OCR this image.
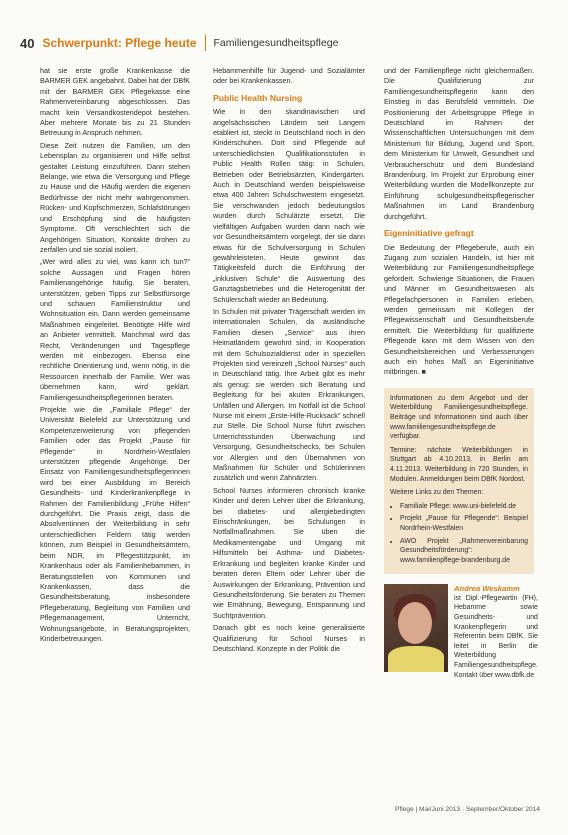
40 Schwerpunkt: Pflege heute Familiengesundheitspflege

hat sie erste große Krankenkasse die BARMER GEK angebahnt. Dabei hat der DBfK mit der BARMER GEK Pflegekasse eine Rahmenvereinbarung abgeschlossen. Das macht kein Versandkostendepot bestehen. Aber mehrere Monate bis zu 21 Stunden Betreuung in Anspruch nehmen.

Diese Zeit nutzen die Familien, um den Lebensplan zu organisieren und Hilfe selbst gestaltet Leistung einzuführen. Dann stehen Belange, wie etwa die Versorgung und Pflege zu Hause und die Häufig werden die eigenen Bedürfnisse der nicht mehr wahrgenommen. Rücken- und Kopfschmerzen, Schlafstörungen und Erschöpfung sind die häufigsten Symptome. Oft verschlechtert sich die Angehörigen Situation, Kontakte drohen zu zerfallen und sie sozial isoliert.

„Wer wird alles zu viel, was kann ich tun?“ solche Aussagen und Fragen hören Familienangehörige häufig. Sie beraten, unterstützen, geben Tipps zur Selbstfürsorge und schauen Familienstruktur und Wohnsituation ein. Dann werden gemeinsame Maßnahmen eingeleitet. Benötigte Hilfe wird an Anbieter vermittelt. Manchmal wird das Recht, Veränderungen und Tagespflege werden mit einbezogen. Ebenso eine rechtliche Orientierung und, wenn nötig, in die Ressourcen innerhalb der Familie. Wer was übernehmen kann, wird geklärt. Familiengesundheitspflegerinnen beraten.

Projekte wie die „Familiale Pflege“ der Universität Bielefeld zur Unterstützung und Kompetenzerweiterung von pflegenden Familien oder das Projekt „Pause für Pflegende“ in Nordrhein-Westfalen unterstützen pflegende Angehörige. Der Einsatz von Familiengesundheitspflegerinnen wird bei einer Ausbildung im Bereich Gesundheits- und Kinderkrankenpflege in Rahmen der Familienbildung „Frühe Hilfen“ durchgeführt. Die Praxis zeigt, dass die Absolventinnen der Weiterbildung in sehr unterschiedlichen Feldern tätig werden können, zum Beispiel in Gesundheitsämtern, beim NDR, im Pflegestützpunkt, im Krankenhaus oder als Familienhebammen, in Beratungsstellen von Kommunen und Krankenkassen, dass die Gesundheitsberatung, insbesondere Pflegeberatung, Begleitung von Familien und Pflegemanagement, Unterricht, Wohnungsangebote, in Beratungsprojekten, Kinderbetreuungen.

Hebammenhilfe für Jugend- und Sozialämter oder bei Krankenkassen.

Public Health Nursing

Wie in den skandinavischen und angelsächsischen Ländern seit Langem etabliert ist, steckt in Deutschland noch in den Kinderschuhen. Dort sind Pflegende auf unterschiedlichsten Qualifikationsstufen in Public Health Rollen tätig: in Schulen, Betrieben oder Betriebsärzten, Kindergärten. Auch in Deutschland werden beispielsweise etwa 400 Jahren Schulschwestern eingesetzt. Sie verschwanden jedoch bedeutungslos wurden durch Schulärzte ersetzt. Die vielfältigen Aufgaben wurden dann nach wie vor Gesundheitsämtern vorgelegt, der sie dann etwas für die Schulversorgung in Schulen gewährleisteten. Heute gewinnt das Tätigkeitsfeld durch die Einführung der „inklusiven Schule“ die Auswertung des Ganztagsbetriebes und die Heterogenität der Schülerschaft wieder an Bedeutung.

In Schulen mit privater Trägerschaft werden im internationalen Schulen, da ausländische Familien diesen „Service“ aus ihren Heimatländern gewohnt sind, in Kooperation mit dem Schulsozialdienst oder in speziellen Projekten sind vereinzelt „School Nurses“ auch in Deutschland tätig. Ihre Arbeit gibt es mehr als genug: sie werden sich Beratung und Begleitung für bei akuten Erkrankungen, Unfällen und Allergien. Im Notfall ist die School Nurse mit einem „Erste-Hilfe-Rucksack“ schnell zur Stelle. Die School Nurse führt zwischen Unterrichtsstunden Überwachung und Versorgung, Gesundheitschecks, bei Schulen vor Allergien und den Übernahmen von Maßnahmen für Schüler und Schülerinnen zusätzlich und wenn Zahnärzten.

School Nurses informieren chronisch kranke Kinder und deren Lehrer über die Erkrankung, bei diabetes- und allergiebedingten Einschränkungen, bei Schulungen in Notfallmaßnahmen. Sie üben die Medikamentengabe und Umgang mit Hilfsmitteln bei Asthma- und Diabetes-Erkrankung und begleiten kranke Kinder und beraten deren Eltern oder Lehrer über die Auswirkungen der Erkrankung, Prävention und Gesundheitsförderung. Sie beraten zu Themen wie Ernährung, Bewegung, Entspannung und Suchtprävention.

Danach gibt es noch keine generalisierte Qualifizierung für School Nurses in Deutschland. Konzepte in der Politik die

und der Familienpflege nicht gleichermaßen. Die Qualifizierung zur Familiengesundheitspflegerin kann den Einstieg in das Berufsfeld vermitteln. Die Positionierung der Arbeitsgruppe Pflege in Deutschland im Rahmen der Wissenschaftlichen Untersuchungen mit dem Ministerium für Bildung, Jugend und Sport, dem Ministerium für Umwelt, Gesundheit und Verbraucherschutz und dem Bundesland Brandenburg. Im Projekt zur Erprobung einer Weiterbildung wurden die Modellkonzepte zur Einführung schulgesundheitspflegerischer Maßnahmen im Land Brandenburg durchgeführt.

Eigeninitiative gefragt

Die Bedeutung der Pflegeberufe, auch ein Zugang zum sozialen Handeln, ist hier mit Weiterbildung zur Familiengesundheitspflege gefordert. Schwierige Situationen, die Frauen und Männer im Gesundheitswesen als Pflegefachpersonen in Familien erleben, werden gemeinsam mit Kollegen der Pflegewissenschaft und Gesundheitsberufe ermittelt. Die Weiterbildung für qualifizierte Pflegende kann mit dem Wissen von den Gesundheitsbereichen und Verbesserungen auch ein hohes Maß an Eigeninitiative mitbringen. ■

Informationen zu dem Angebot und der Weiterbildung Familiengesundheitspflege. Beiträge und Informationen sind auch über www.familiengesundheitspflege.de verfügbar.

Termine: nächste Weiterbildungen in Stuttgart ab 4.10.2013, in Berlin am 4.11.2013. Weiterbildung in 720 Stunden, in Modulen. Anmeldungen beim DBfK Nordost.

Weitere Links zu den Themen:

• Familiale Pflege: www.uni-bielefeld.de
• Projekt „Pause für Pflegende“: Beispiel Nordrhein-Westfalen
• AWO Projekt „Rahmenvereinbarung Gesundheitsförderung“: www.familienpflege-brandenburg.de
Andrea Weskamm
ist Dipl.-Pflegewirtin (FH), Hebamme sowie Gesundheits- und Krankenpflegerin und Referentin beim DBfK. Sie leitet in Berlin die Weiterbildung Familiengesundheitspflege. Kontakt über www.dbfk.de
Pflege | Mai/Juni 2013 · September/Oktober 2014
